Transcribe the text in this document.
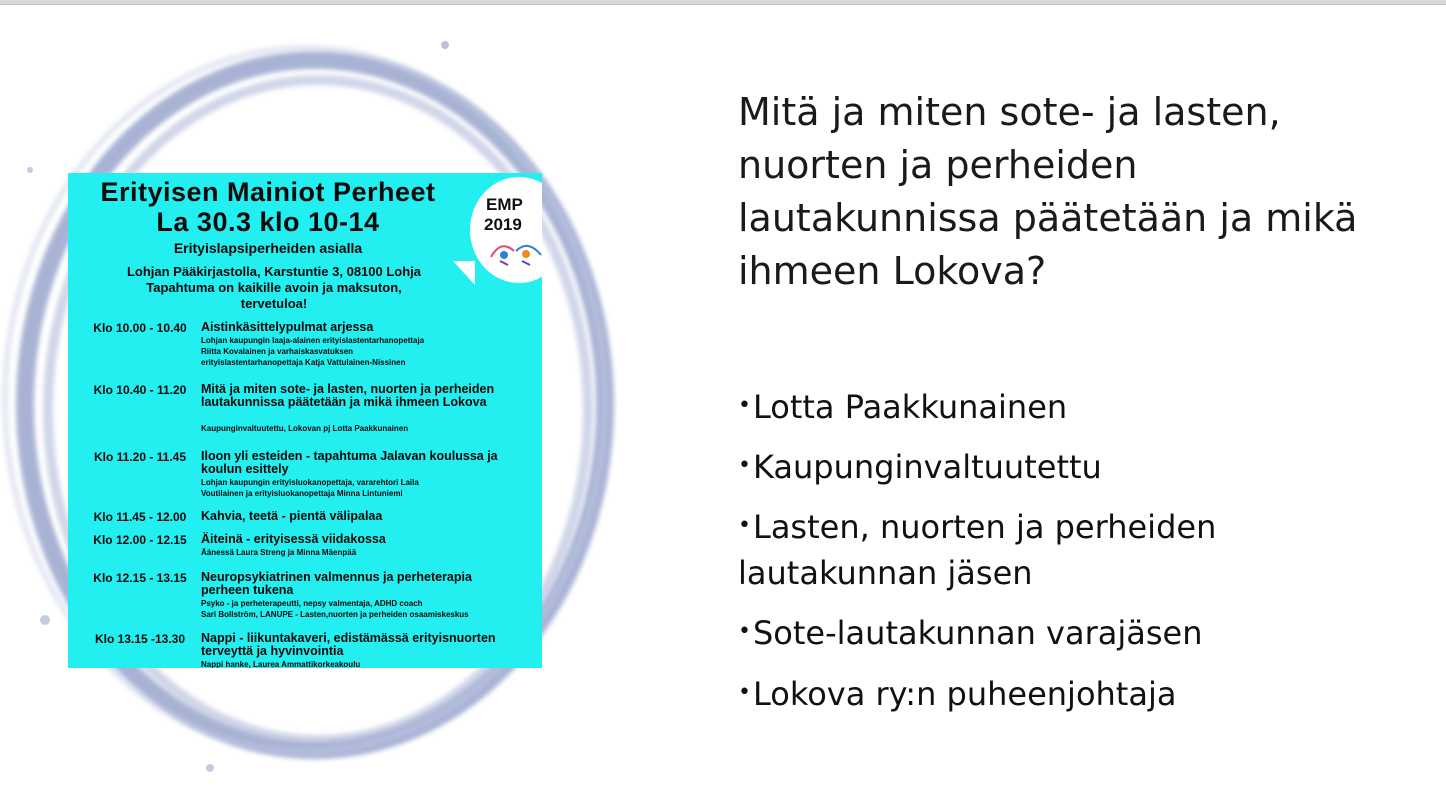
Erityisen Mainiot Perheet
La 30.3 klo 10-14
Erityislapsiperheiden asialla
Lohjan Pääkirjastolla, Karstuntie 3, 08100 Lohja
Tapahtuma on kaikille avoin ja maksuton,
tervetuloa!
EMP
2019
Klo 10.00 - 10.40	Aistinkäsittelypulmat arjessa
Lohjan kaupungin laaja-alainen erityislastentarhanopettaja
Riitta Kovalainen ja varhaiskasvatuksen
erityislastentarhanopettaja Katja Vattulainen-Nissinen
Klo 10.40 - 11.20	Mitä ja miten sote- ja lasten, nuorten ja perheiden lautakunnissa päätetään ja mikä ihmeen Lokova
Kaupunginvaltuutettu, Lokovan pj Lotta Paakkunainen
Klo 11.20 - 11.45	Iloon yli esteiden - tapahtuma Jalavan koulussa ja koulun esittely
Lohjan kaupungin erityisluokanopettaja, vararehtori Laila
Voutilainen ja erityisluokanopettaja Minna Lintuniemi
Klo 11.45 - 12.00	Kahvia, teetä - pientä välipalaa
Klo 12.00 - 12.15	Äiteinä - erityisessä viidakossa
Äänessä Laura Streng ja Minna Mäenpää
Klo 12.15 - 13.15	Neuropsykiatrinen valmennus ja perheterapia perheen tukena
Psyko - ja perheterapeutti, nepsy valmentaja, ADHD coach
Sari Bollström, LANUPE - Lasten,nuorten ja perheiden osaamiskeskus
Klo 13.15 -13.30	Nappi - liikuntakaveri, edistämässä erityisnuorten terveyttä ja hyvinvointia
Nappi hanke, Laurea Ammattikorkeakoulu
Mitä ja miten sote- ja lasten, nuorten ja perheiden lautakunnissa päätetään ja mikä ihmeen Lokova?
•Lotta Paakkunainen
•Kaupunginvaltuutettu
•Lasten, nuorten ja perheiden lautakunnan jäsen
•Sote-lautakunnan varajäsen
•Lokova ry:n puheenjohtaja
